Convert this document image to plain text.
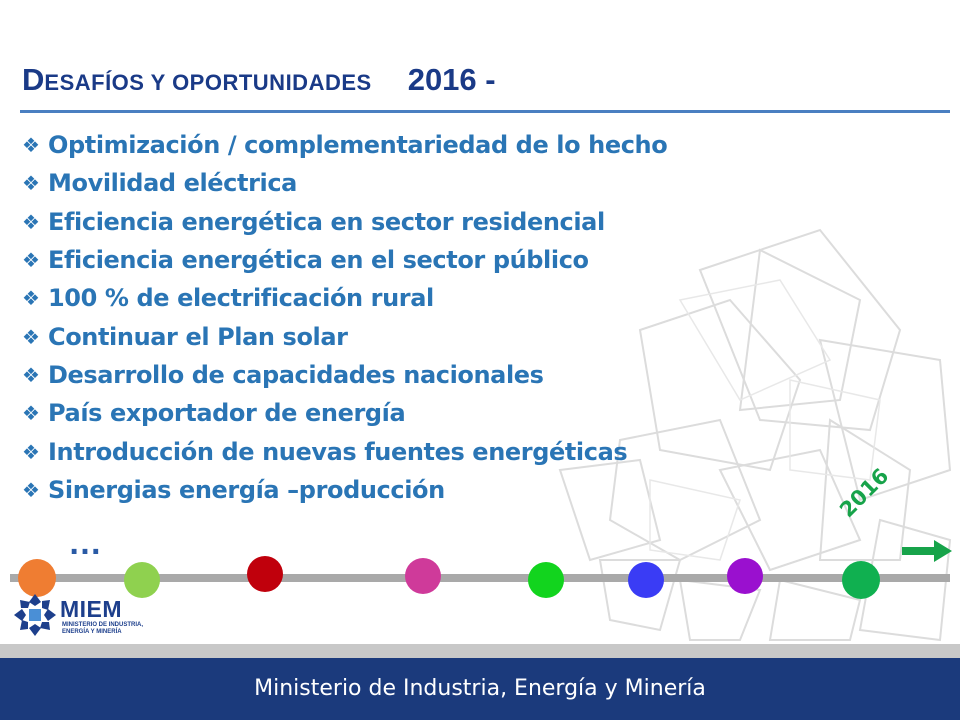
DESAFÍOS Y OPORTUNIDADES 2016 -
❖ Optimización / complementariedad de lo hecho
❖ Movilidad eléctrica
❖ Eficiencia energética en sector residencial
❖ Eficiencia energética en el sector público
❖ 100 % de electrificación rural
❖ Continuar el Plan solar
❖ Desarrollo de capacidades nacionales
❖ País exportador de energía
❖ Introducción de nuevas fuentes energéticas
❖ Sinergias energía –producción
…
2016
MIEM
MINISTERIO DE INDUSTRIA,
ENERGÍA Y MINERÍA
Ministerio de Industria, Energía y Minería
